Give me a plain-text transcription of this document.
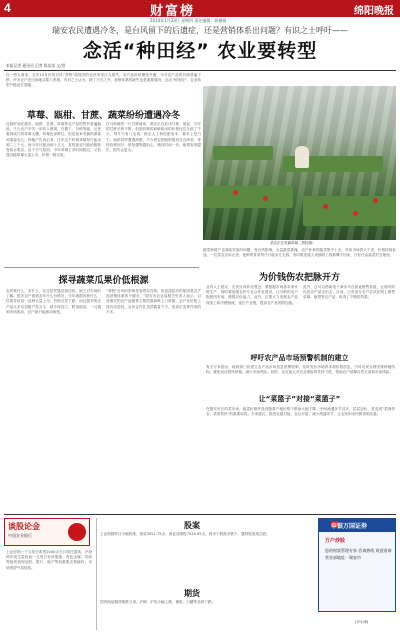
4	财富榜	绵阳晚报
2014年1月23日 星期四 责任编辑：蒋德娟
瑞安农民遭遇冷冬，是台风留下的后遗症，还是营销体系出问题？有识之士呼吁——
念活“种田经” 农业要转型
本报记者 通讯员 记者 陈某某 文/图
在一些人看来，去年10月份的台风“菲特”给瑞安的农民带来巨大损失，农产品纷纷遭受冷遇，今冬农产品的价格普遍下跌，许多农户在田间地头陷入困境。有识之士认为，除了天灾之外，营销体系的缺失也是重要原因，念活“种田经”，农业转型升级迫在眉睫。
草莓、瓯柑、甘蔗、蔬菜纷纷遭遇冷冬
近段时间在瑞安，瓯柑、甘蔗、草莓等农产品的售价普遍偏低，不少农户辛苦一年收入微薄。在塘下、马屿等地，记者看到成片的草莓大棚，草莓色泽鲜红，但是前来采摘的游客却寥寥无几。种植户告诉记者，往年这个时候草莓每斤能卖到二三十元，而今年只能卖到十几元，有的甚至只能论箱批发给水果店。由于天气原因，今年草莓上市时间推迟，又恰逢各地草莓大量上市，价格一路走低。
在马屿镇的一片甘蔗地里，蔗农正在砍伐甘蔗。他说，今年的甘蔗长势不错，但是收购的商贩给出的价格比往年低了不少，每斤只有几毛钱，除去人工和化肥成本，基本上是白干。瓯柑同样遭遇滞销，不少柑农把瓯柑堆放在仓库里，等待价格回升，但是越等越担心，储存时间一长，瓯柑容易腐烂，损失会更大。
菜农正在采摘草莓（资料图）
蔬菜种植户也面临类似的问题。受台风影响，大量蔬菜被淹，农户补种的蔬菜集中上市，导致市场供大于求，价格持续低迷。一位菜农告诉记者，他种的青菜每斤只能卖几毛钱，有时候连雇人采摘的工钱都赚不回来，只好任由蔬菜烂在地里。
探寻蔬菜瓜果价低根源
农民种什么，卖什么，往往是凭感觉和经验，缺乏对市场的了解。很多农户看到去年什么价格好，今年就跟风种什么，结果导致同一品种大量上市，价格自然下跌。而且瑞安的农产品大多以初级产品为主，缺少深加工，附加值低，一旦遇到市场波动，农户就只能被动承受。
“菲特”台风的影响是客观存在的，但更深层次的原因是农产品营销体系的不健全。”瑞安市农业局相关负责人表示，目前瑞安的农产品销售主要依靠商贩上门收购，农户在价格上没有话语权。农民合作社虽然数量不少，但真正发挥作用的不多。
为价钱伤农把脉开方
业内人士建议，农民应该转变观念，要根据市场需求来安排生产，同时要加强农民专业合作社建设，让分散的农户抱团闯市场，增强议价能力。此外，还要大力发展农产品深加工和冷链物流，延长产业链，提高农产品的附加值。
此外，还可以借助电子商务平台拓宽销售渠道，让瑞安的优质农产品走出去。目前，已有部分农户尝试在网上销售草莓、瓯柑等农产品，取得了不错的效果。
呼吁农产品市场预警机制的建立
有关专家指出，政府部门应建立农产品市场信息预警机制，及时发布市场供求和价格信息，引导农民合理安排种植结构，避免盲目跟风种植，减少市场风险。同时，还应加大对农业保险的扶持力度，帮助农户抵御自然灾害和市场风险。
让“菜篮子”对接“菜篮子”
在瑞安市区的菜市场，蔬菜价格并没有随着产地价格下跌而大幅下降。中间流通环节过多，层层加价，是造成“菜贱伤农、菜贵伤民”的重要原因。专家建议，推进农超对接、农社对接，减少流通环节，让农民和市民都得到实惠。
谈股论金
中国农业银行
上证综指一个交易日收报2000点关口附近震荡，沪深两市成交量较前一交易日有所萎缩。有色金属、券商等板块表现活跃，银行、地产等权重股走势疲软，市场观望气氛较浓。
股案
上证指数昨日小幅收涨，报收2051.75点；深证成指报7920.45点。两市个股涨多跌少，题材股表现活跃。
期货
国内商品期货涨跌互现，沪铜、沪铝小幅上涨，橡胶、白糖等品种下跌。
申银万国证券
万户炒股
您的财富管理专家 咨询热线 欢迎垂询 营业部地址：瑞安市
(尹小涛)
